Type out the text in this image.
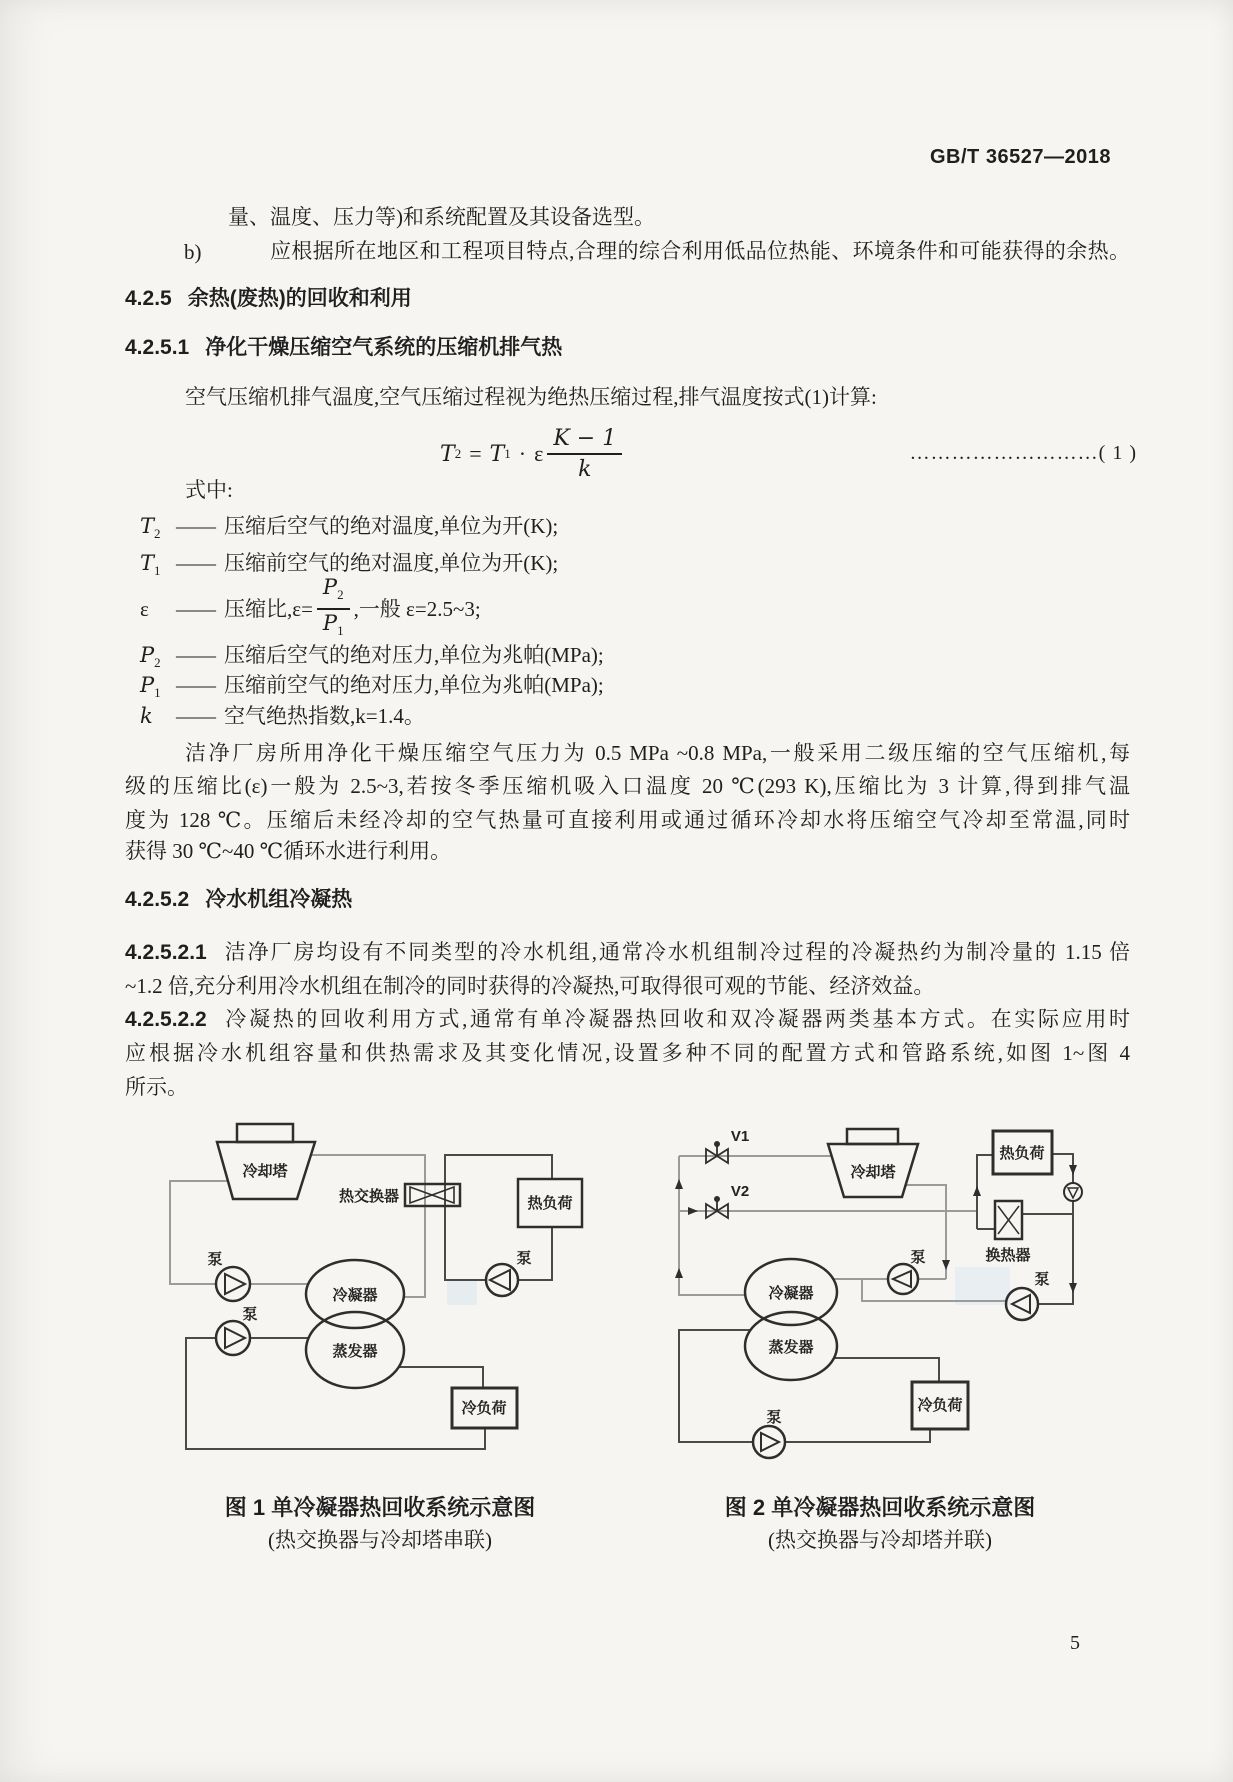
GB/T 36527—2018
量、温度、压力等)和系统配置及其设备选型。
b)	应根据所在地区和工程项目特点,合理的综合利用低品位热能、环境条件和可能获得的余热。
4.2.5 余热(废热)的回收和利用
4.2.5.1 净化干燥压缩空气系统的压缩机排气热
空气压缩机排气温度,空气压缩过程视为绝热压缩过程,排气温度按式(1)计算:
T 2 = T 1 · ε $\frac{K - 1}{k}$	………………………( 1 )
式中:
$T_2$ —— 压缩后空气的绝对温度,单位为开(K);
$T_1$ —— 压缩前空气的绝对温度,单位为开(K);
ε	—— 压缩比$,\varepsilon= \frac{P_2}{P_1}$ ,一般 ε=2.5~3;
$P_2$ —— 压缩后空气的绝对压力,单位为兆帕(MPa);
$P_1$ —— 压缩前空气的绝对压力,单位为兆帕(MPa);
k —— 空气绝热指数,k=1.4。
洁净厂房所用净化干燥压缩空气压力为 0.5 MPa ~0.8 MPa,一般采用二级压缩的空气压缩机,每
级的压缩比(ε)一般为 2.5~3,若按冬季压缩机吸入口温度 20 ℃(293 K),压缩比为 3 计算,得到排气温
度为 128 ℃。压缩后未经冷却的空气热量可直接利用或通过循环冷却水将压缩空气冷却至常温,同时
获得 30 ℃~40 ℃循环水进行利用。
4.2.5.2 冷水机组冷凝热
4.2.5.2.1 洁净厂房均设有不同类型的冷水机组,通常冷水机组制冷过程的冷凝热约为制冷量的 1.15 倍
~1.2 倍,充分利用冷水机组在制冷的同时获得的冷凝热,可取得很可观的节能、经济效益。
4.2.5.2.2 冷凝热的回收利用方式,通常有单冷凝器热回收和双冷凝器两类基本方式。在实际应用时
应根据冷水机组容量和供热需求及其变化情况,设置多种不同的配置方式和管路系统,如图 1~图 4
所示。
冷却塔
热交换器	热负荷
冷凝器
蒸发器
冷负荷
泵
泵
泵
V1
V2
冷却塔
热负荷
换热器
冷凝器
蒸发器
冷负荷
泵
泵
泵
图 1 单冷凝器热回收系统示意图
(热交换器与冷却塔串联)
图 2 单冷凝器热回收系统示意图
(热交换器与冷却塔并联)
5
